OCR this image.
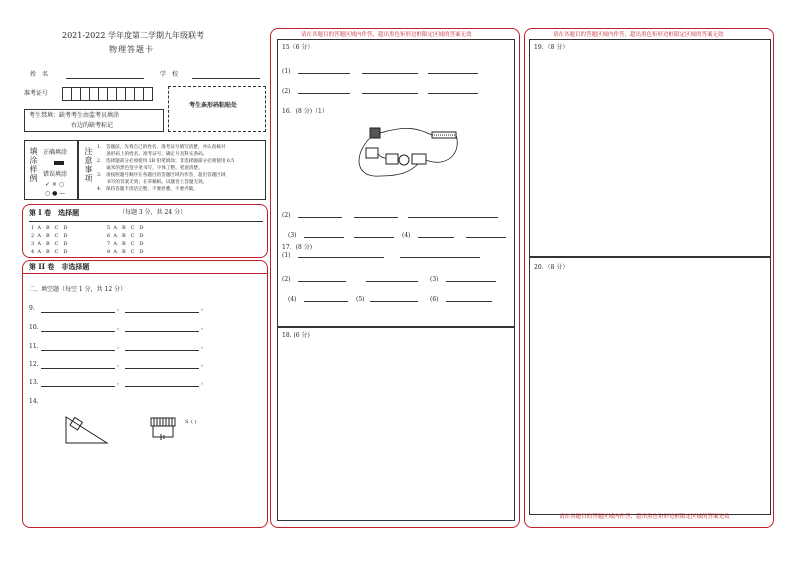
2021-2022 学年度第二学期九年级联考
物理答题卡
姓　名	学　校
准考证号
考生条形码粘贴处
考生禁填：缺考考生由监考员填涂
右边的缺考标记
填涂样例 正确填涂
错误填涂
✓ × ○
○ ● —
注意事项 1.　答题前，先将自己的姓名、准考证号填写清楚，并认真核对
　　条形码上的姓名、准考证号，确定号及科实条码。
2.　选择题部分必须使用 2B 铅笔填涂；非选择题部分必须使用 0.5
　　毫米的黑色签字笔书写，字体工整、笔迹清楚。
3.　请按照题号顺序在各题目的答题区域内作答，超出答题区域
　　书写的答案无效；在草稿纸、试题卷上答题无效。
4.　保持答题卡清洁完整，不要折叠，不要弄破。
第 I 卷　选择题	（每题 3 分，共 24 分）
1 A　B　C　D
2 A　B　C　D
3 A　B　C　D
4 A　B　C　D
5 A　B　C　D
6 A　B　C　D
7 A　B　C　D
8 A　B　C　D
第 II 卷　非选择题
二、填空题（每空 1 分，共 12 分）
9.	，	。
10.	，	。
11.	，	。
12.	，	。
13.	，	。
14.
S ( )
请在各题目的答题区域内作答，超出黑色矩形边框限定区域的答案无效
15（6 分）
(1)
(2)
16．(8 分)（1）
(2)
(3)	(4)
17．(8 分)
(1)
(2)	(3)
(4)	(5)	(6)
18. (6 分)
请在各题目的答题区域内作答，超出黑色矩形边框限定区域的答案无效
19．（8 分）
20．（8 分）
请在各题目的答题区域内作答，超出黑色矩形边框限定区域的答案无效
